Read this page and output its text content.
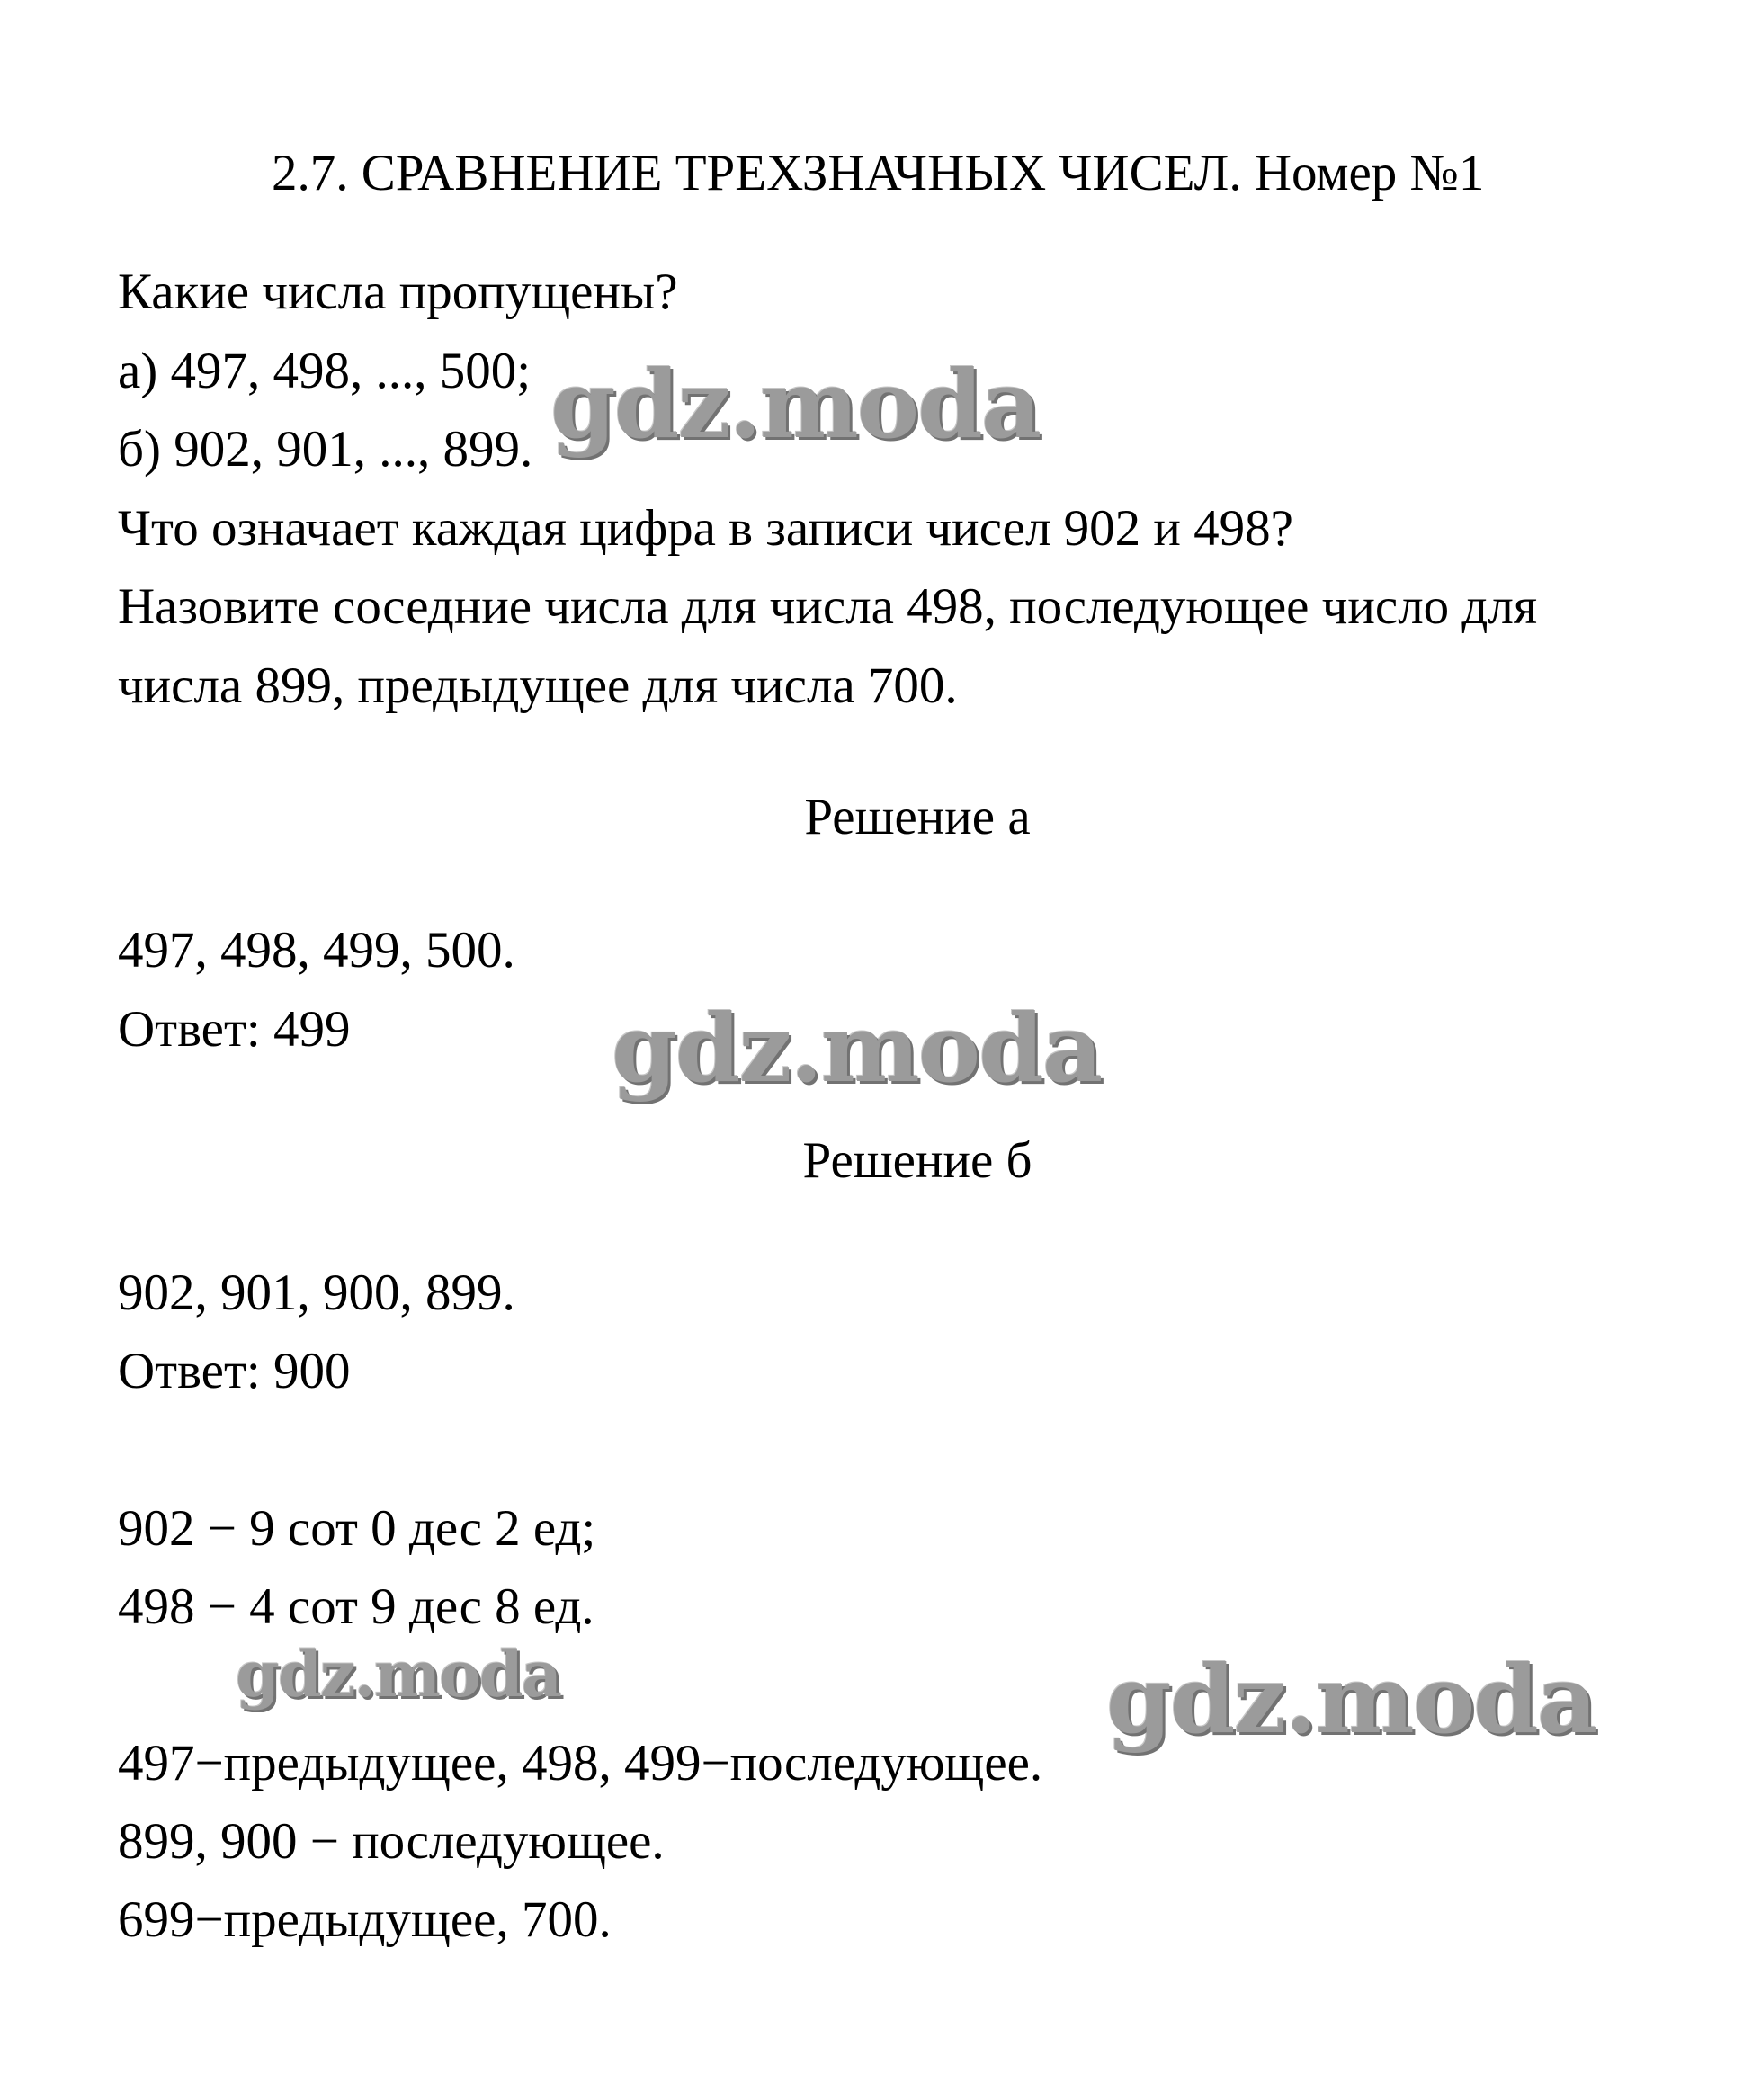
2.7. СРАВНЕНИЕ ТРЕХЗНАЧНЫХ ЧИСЕЛ. Номер №1
Какие числа пропущены?
а) 497, 498, ..., 500;
б) 902, 901, ..., 899.
Что означает каждая цифра в записи чисел 902 и 498?
Назовите соседние числа для числа 498, последующее число для
числа 899, предыдущее для числа 700.
Решение а
497, 498, 499, 500.
Ответ: 499
Решение б
902, 901, 900, 899.
Ответ: 900
902 − 9 сот 0 дес 2 ед;
498 − 4 сот 9 дес 8 ед.
497−предыдущее, 498, 499−последующее.
899, 900 − последующее.
699−предыдущее, 700.
gdz.moda
gdz.moda
gdz.moda	gdz.moda
